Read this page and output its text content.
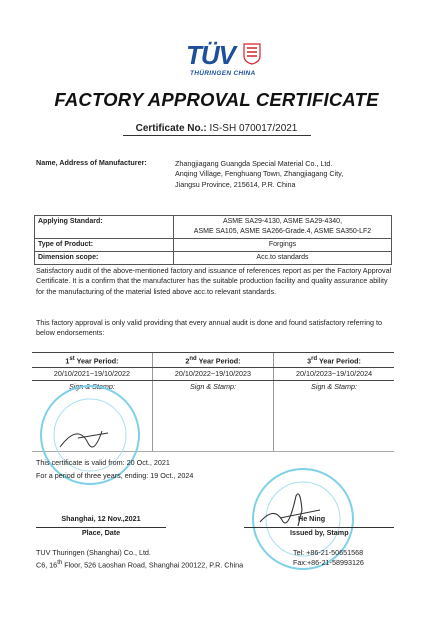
TÜV
THÜRINGEN CHINA
FACTORY APPROVAL CERTIFICATE
Certificate No.: IS-SH 070017/2021
Name, Address of Manufacturer:	Zhangjiagang Guangda Special Material Co., Ltd.
Anqing Village, Fenghuang Town, Zhangjiagang City,
Jiangsu Province, 215614, P.R. China
Applying Standard:	ASME SA29-4130, ASME SA29-4340,
ASME SA105, ASME SA266-Grade.4, ASME SA350-LF2

Type of Product:	Forgings
Dimension scope:	Acc.to standards
Satisfactory audit of the above-mentioned factory and issuance of references report as per the Factory Approval
Certificate. It is a confirm that the manufacturer has the suitable production facility and quality assurance ability
for the manufacturing of the material listed above acc.to relevant standards.
This factory approval is only valid providing that every annual audit is done and found satisfactory referring to
below endorsements:
1st Year Period:	2nd Year Period:	3rd Year Period:
20/10/2021~19/10/2022	20/10/2022~19/10/2023	20/10/2023~19/10/2024
Sign & Stamp:	Sign & Stamp:	Sign & Stamp:
This certificate is valid from: 20 Oct., 2021
For a period of three years, ending: 19 Oct., 2024
Shanghai, 12 Nov.,2021
Place, Date
He Ning
Issued by, Stamp
TUV Thuringen (Shanghai) Co., Ltd.
C6, 16th Floor, 526 Laoshan Road, Shanghai 200122, P.R. China
Tel: +86-21-50651568
Fax:+86-21-58993126
